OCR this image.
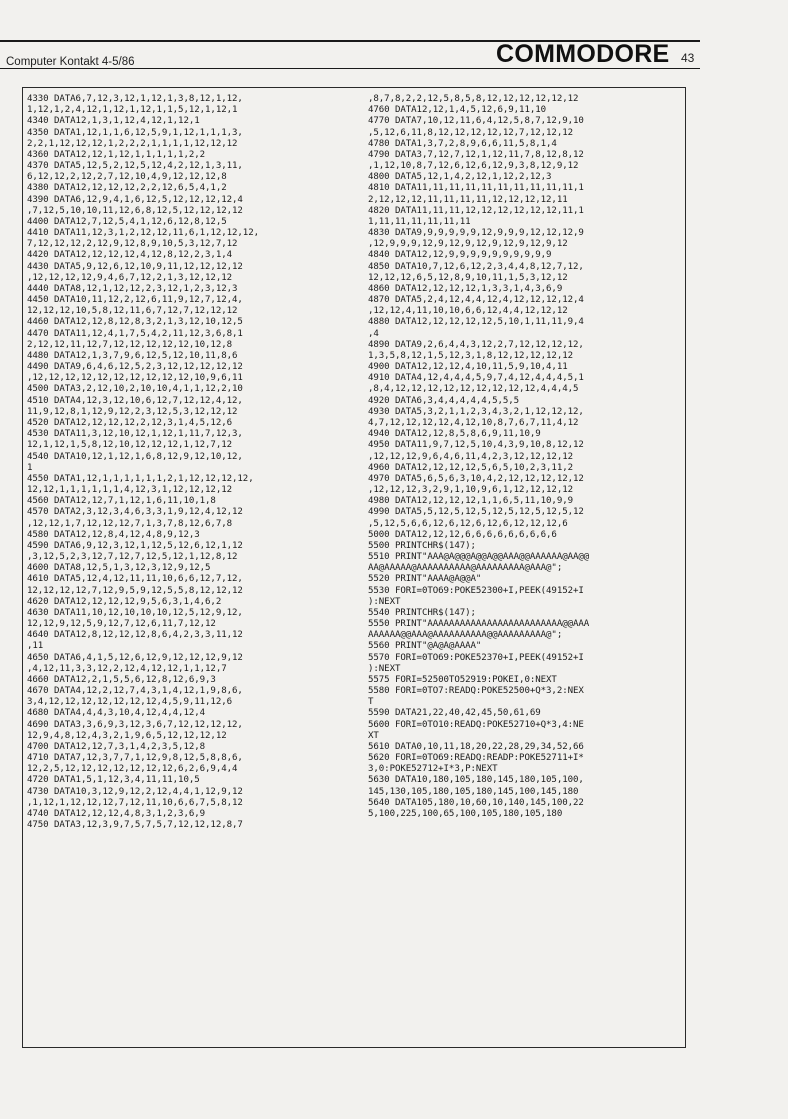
Computer Kontakt 4-5/86	COMMODORE 43
4330 DATA6,7,12,3,12,1,12,1,3,8,12,1,12,
1,12,1,2,4,12,1,12,1,12,1,1,5,12,1,12,1
4340 DATA12,1,3,1,12,4,12,1,12,1
4350 DATA1,12,1,1,6,12,5,9,1,12,1,1,1,3,
2,2,1,12,12,12,1,2,2,2,1,1,1,1,12,12,12
4360 DATA12,12,1,12,1,1,1,1,1,2,2
4370 DATA5,12,5,2,12,5,12,4,2,12,1,3,11,
6,12,12,2,12,2,7,12,10,4,9,12,12,12,8
4380 DATA12,12,12,12,2,2,12,6,5,4,1,2
4390 DATA6,12,9,4,1,6,12,5,12,12,12,12,4
,7,12,5,10,10,11,12,6,8,12,5,12,12,12,12
4400 DATA12,7,12,5,4,1,12,6,12,8,12,5
4410 DATA11,12,3,1,2,12,12,11,6,1,12,12,12,
7,12,12,12,2,12,9,12,8,9,10,5,3,12,7,12
4420 DATA12,12,12,12,4,12,8,12,2,3,1,4
4430 DATA5,9,12,6,12,10,9,11,12,12,12,12
,12,12,12,12,9,4,6,7,12,2,1,3,12,12,12
4440 DATA8,12,1,12,12,2,3,12,1,2,3,12,3
4450 DATA10,11,12,2,12,6,11,9,12,7,12,4,
12,12,12,10,5,8,12,11,6,7,12,7,12,12,12
4460 DATA12,12,8,12,8,3,2,1,3,12,10,12,5
4470 DATA11,12,4,1,7,5,4,2,11,12,3,6,8,1
2,12,12,11,12,7,12,12,12,12,12,10,12,8
4480 DATA12,1,3,7,9,6,12,5,12,10,11,8,6
4490 DATA9,6,4,6,12,5,2,3,12,12,12,12,12
,12,12,12,12,12,12,12,12,12,12,10,9,6,11
4500 DATA3,2,12,10,2,10,10,4,1,1,12,2,10
4510 DATA4,12,3,12,10,6,12,7,12,12,4,12,
11,9,12,8,1,12,9,12,2,3,12,5,3,12,12,12
4520 DATA12,12,12,12,2,12,3,1,4,5,12,6
4530 DATA11,3,12,10,12,1,12,1,11,7,12,3,
12,1,12,1,5,8,12,10,12,12,12,1,12,7,12
4540 DATA10,12,1,12,1,6,8,12,9,12,10,12,
1
4550 DATA1,12,1,1,1,1,1,1,2,1,12,12,12,12,
12,12,1,1,1,1,1,1,4,12,3,1,12,12,12,12
4560 DATA12,12,7,1,12,1,6,11,10,1,8
4570 DATA2,3,12,3,4,6,3,3,1,9,12,4,12,12
,12,12,1,7,12,12,12,7,1,3,7,8,12,6,7,8
4580 DATA12,12,8,4,12,4,8,9,12,3
4590 DATA6,9,12,3,12,1,12,5,12,6,12,1,12
,3,12,5,2,3,12,7,12,7,12,5,12,1,12,8,12
4600 DATA8,12,5,1,3,12,3,12,9,12,5
4610 DATA5,12,4,12,11,11,10,6,6,12,7,12,
12,12,12,12,7,12,9,5,9,12,5,5,8,12,12,12
4620 DATA12,12,12,12,9,5,6,3,1,4,6,2
4630 DATA11,10,12,10,10,10,12,5,12,9,12,
12,12,9,12,5,9,12,7,12,6,11,7,12,12
4640 DATA12,8,12,12,12,8,6,4,2,3,3,11,12
,11
4650 DATA6,4,1,5,12,6,12,9,12,12,12,9,12
,4,12,11,3,3,12,2,12,4,12,12,1,1,12,7
4660 DATA12,2,1,5,5,6,12,8,12,6,9,3
4670 DATA4,12,2,12,7,4,3,1,4,12,1,9,8,6,
3,4,12,12,12,12,12,12,12,4,5,9,11,12,6
4680 DATA4,4,4,3,10,4,12,4,4,12,4
4690 DATA3,3,6,9,3,12,3,6,7,12,12,12,12,
12,9,4,8,12,4,3,2,1,9,6,5,12,12,12,12
4700 DATA12,12,7,3,1,4,2,3,5,12,8
4710 DATA7,12,3,7,7,1,12,9,8,12,5,8,8,6,
12,2,5,12,12,12,12,12,12,12,6,2,6,9,4,4
4720 DATA1,5,1,12,3,4,11,11,10,5
4730 DATA10,3,12,9,12,2,12,4,4,1,12,9,12
,1,12,1,12,12,12,7,12,11,10,6,6,7,5,8,12
4740 DATA12,12,12,4,8,3,1,2,3,6,9
4750 DATA3,12,3,9,7,5,7,5,7,12,12,12,8,7
,8,7,8,2,2,12,5,8,5,8,12,12,12,12,12,12
4760 DATA12,12,1,4,5,12,6,9,11,10
4770 DATA7,10,12,11,6,4,12,5,8,7,12,9,10
,5,12,6,11,8,12,12,12,12,12,7,12,12,12
4780 DATA1,3,7,2,8,9,6,6,11,5,8,1,4
4790 DATA3,7,12,7,12,1,12,11,7,8,12,8,12
,1,12,10,8,7,12,6,12,6,12,9,3,8,12,9,12
4800 DATA5,12,1,4,2,12,1,12,2,12,3
4810 DATA11,11,11,11,11,11,11,11,11,11,1
2,12,12,12,11,11,11,11,12,12,12,12,11
4820 DATA11,11,11,12,12,12,12,12,12,11,1
1,11,11,11,11,11,11
4830 DATA9,9,9,9,9,9,12,9,9,9,12,12,12,9
,12,9,9,9,12,9,12,9,12,9,12,9,12,9,12
4840 DATA12,12,9,9,9,9,9,9,9,9,9,9
4850 DATA10,7,12,6,12,2,3,4,4,8,12,7,12,
12,12,12,6,5,12,8,9,10,11,1,5,3,12,12
4860 DATA12,12,12,12,1,3,3,1,4,3,6,9
4870 DATA5,2,4,12,4,4,12,4,12,12,12,12,4
,12,12,4,11,10,10,6,6,12,4,4,12,12,12
4880 DATA12,12,12,12,12,5,10,1,11,11,9,4
,4
4890 DATA9,2,6,4,4,3,12,2,7,12,12,12,12,
1,3,5,8,12,1,5,12,3,1,8,12,12,12,12,12
4900 DATA12,12,12,4,10,11,5,9,10,4,11
4910 DATA4,12,4,4,4,5,9,7,4,12,4,4,4,5,1
,8,4,12,12,12,12,12,12,12,12,12,4,4,4,5
4920 DATA6,3,4,4,4,4,4,5,5,5
4930 DATA5,3,2,1,1,2,3,4,3,2,1,12,12,12,
4,7,12,12,12,12,4,12,10,8,7,6,7,11,4,12
4940 DATA12,12,8,5,8,6,9,11,10,9
4950 DATA11,9,7,12,5,10,4,3,9,10,8,12,12
,12,12,12,9,6,4,6,11,4,2,3,12,12,12,12
4960 DATA12,12,12,12,5,6,5,10,2,3,11,2
4970 DATA5,6,5,6,3,10,4,2,12,12,12,12,12
,12,12,12,3,2,9,1,10,9,6,1,12,12,12,12
4980 DATA12,12,12,12,1,1,6,5,11,10,9,9
4990 DATA5,5,12,5,12,5,12,5,12,5,12,5,12
,5,12,5,6,6,12,6,12,6,12,6,12,12,12,6
5000 DATA12,12,12,6,6,6,6,6,6,6,6,6
5500 PRINTCHR$(147);
5510 PRINT"AAA@A@@@A@@A@@AAA@@AAAAAA@AA@@
AA@AAAAA@AAAAAAAAAA@AAAAAAAAA@AAA@";
5520 PRINT"AAAA@A@@A"
5530 FORI=0TO69:POKE52300+I,PEEK(49152+I
):NEXT
5540 PRINTCHR$(147);
5550 PRINT"AAAAAAAAAAAAAAAAAAAAAAAAA@@AAA
AAAAAA@@AAA@AAAAAAAAAA@@AAAAAAAAA@";
5560 PRINT"@A@A@AAAA"
5570 FORI=0TO69:POKE52370+I,PEEK(49152+I
):NEXT
5575 FORI=52500TO52919:POKEI,0:NEXT
5580 FORI=0TO7:READQ:POKE52500+Q*3,2:NEX
T
5590 DATA21,22,40,42,45,50,61,69
5600 FORI=0TO10:READQ:POKE52710+Q*3,4:NE
XT
5610 DATA0,10,11,18,20,22,28,29,34,52,66
5620 FORI=0TO69:READQ:READP:POKE52711+I*
3,0:POKE52712+I*3,P:NEXT
5630 DATA10,180,105,180,145,180,105,100,
145,130,105,180,105,180,145,100,145,180
5640 DATA105,180,10,60,10,140,145,100,22
5,100,225,100,65,100,105,180,105,180
